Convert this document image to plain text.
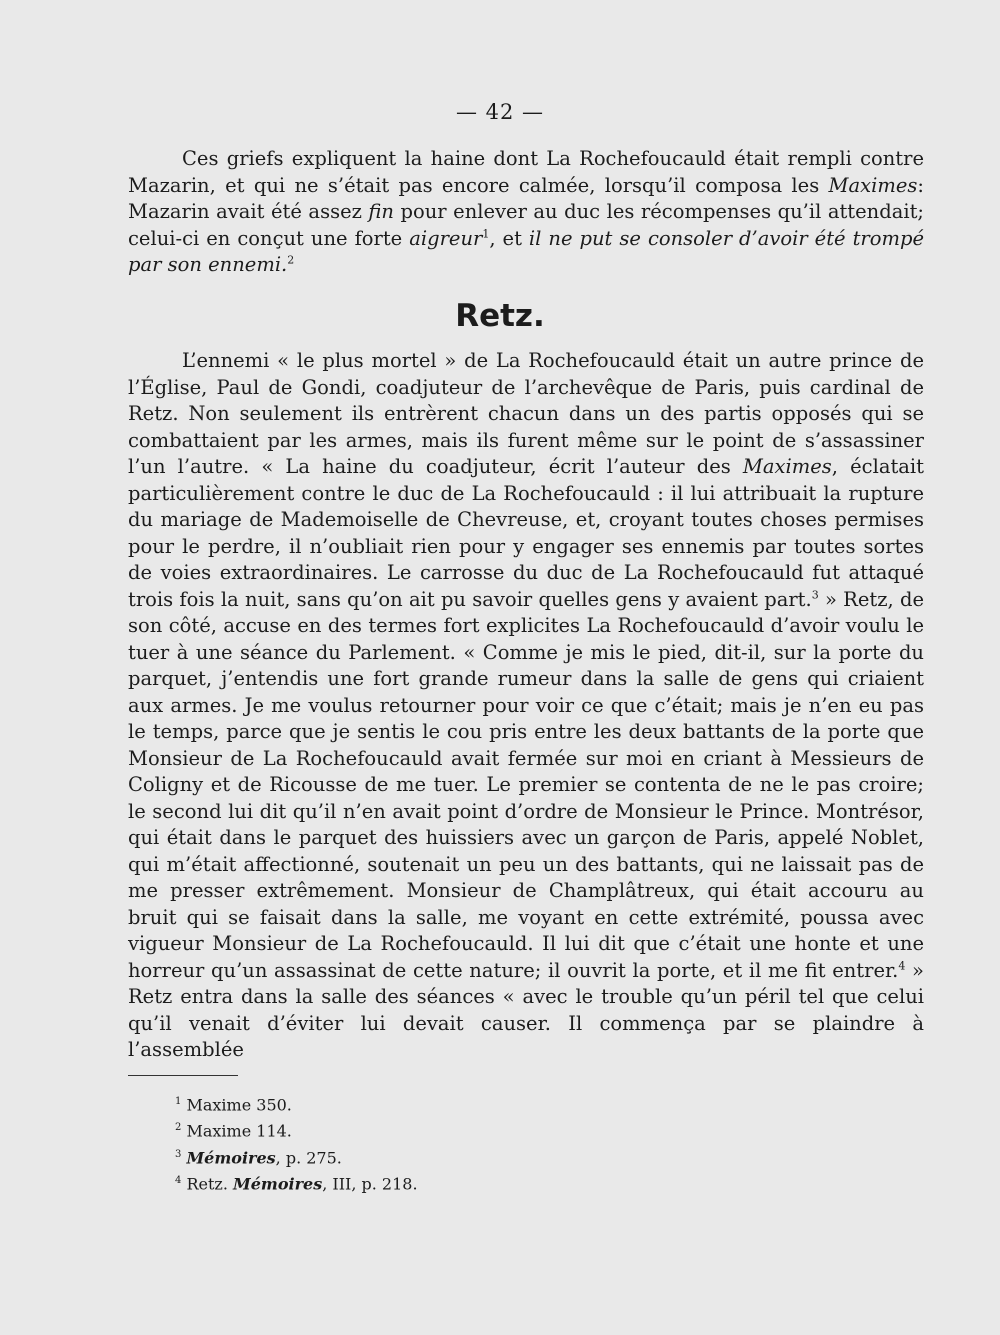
— 42 —

Ces griefs expliquent la haine dont La Rochefoucauld était rempli contre Mazarin, et qui ne s’était pas encore calmée, lorsqu’il composa les Maximes: Mazarin avait été assez fin pour enlever au duc les récompenses qu’il attendait; celui-ci en conçut une forte aigreur$^1$, et il ne put se consoler d’avoir été trompé par son ennemi.$^2$

Retz.

L’ennemi « le plus mortel » de La Rochefoucauld était un autre prince de l’Église, Paul de Gondi, coadjuteur de l’archevêque de Paris, puis cardinal de Retz. Non seulement ils entrèrent chacun dans un des partis opposés qui se combattaient par les armes, mais ils furent même sur le point de s’assassiner l’un l’autre. « La haine du coadjuteur, écrit l’auteur des Maximes, éclatait particulièrement contre le duc de La Rochefoucauld : il lui attribuait la rupture du mariage de Mademoiselle de Chevreuse, et, croyant toutes choses permises pour le perdre, il n’oubliait rien pour y engager ses ennemis par toutes sortes de voies extraordinaires. Le carrosse du duc de La Rochefoucauld fut attaqué trois fois la nuit, sans qu’on ait pu savoir quelles gens y avaient part.$^3$ » Retz, de son côté, accuse en des termes fort explicites La Rochefoucauld d’avoir voulu le tuer à une séance du Parlement. « Comme je mis le pied, dit-il, sur la porte du parquet, j’entendis une fort grande rumeur dans la salle de gens qui criaient aux armes. Je me voulus retourner pour voir ce que c’était; mais je n’en eu pas le temps, parce que je sentis le cou pris entre les deux battants de la porte que Monsieur de La Rochefoucauld avait fermée sur moi en criant à Messieurs de Coligny et de Ricousse de me tuer. Le premier se contenta de ne le pas croire; le second lui dit qu’il n’en avait point d’ordre de Monsieur le Prince. Montrésor, qui était dans le parquet des huissiers avec un garçon de Paris, appelé Noblet, qui m’était affectionné, soutenait un peu un des battants, qui ne laissait pas de me presser extrêmement. Monsieur de Champlâtreux, qui était accouru au bruit qui se faisait dans la salle, me voyant en cette extrémité, poussa avec vigueur Monsieur de La Rochefoucauld. Il lui dit que c’était une honte et une horreur qu’un assassinat de cette nature; il ouvrit la porte, et il me fit entrer.$^4$ » Retz entra dans la salle des séances « avec le trouble qu’un péril tel que celui qu’il venait d’éviter lui devait causer. Il commença par se plaindre à l’assemblée

$^1$ Maxime 350.
$^2$ Maxime 114.
$^3$ Mémoires, p. 275.
$^4$ Retz. Mémoires, III, p. 218.
